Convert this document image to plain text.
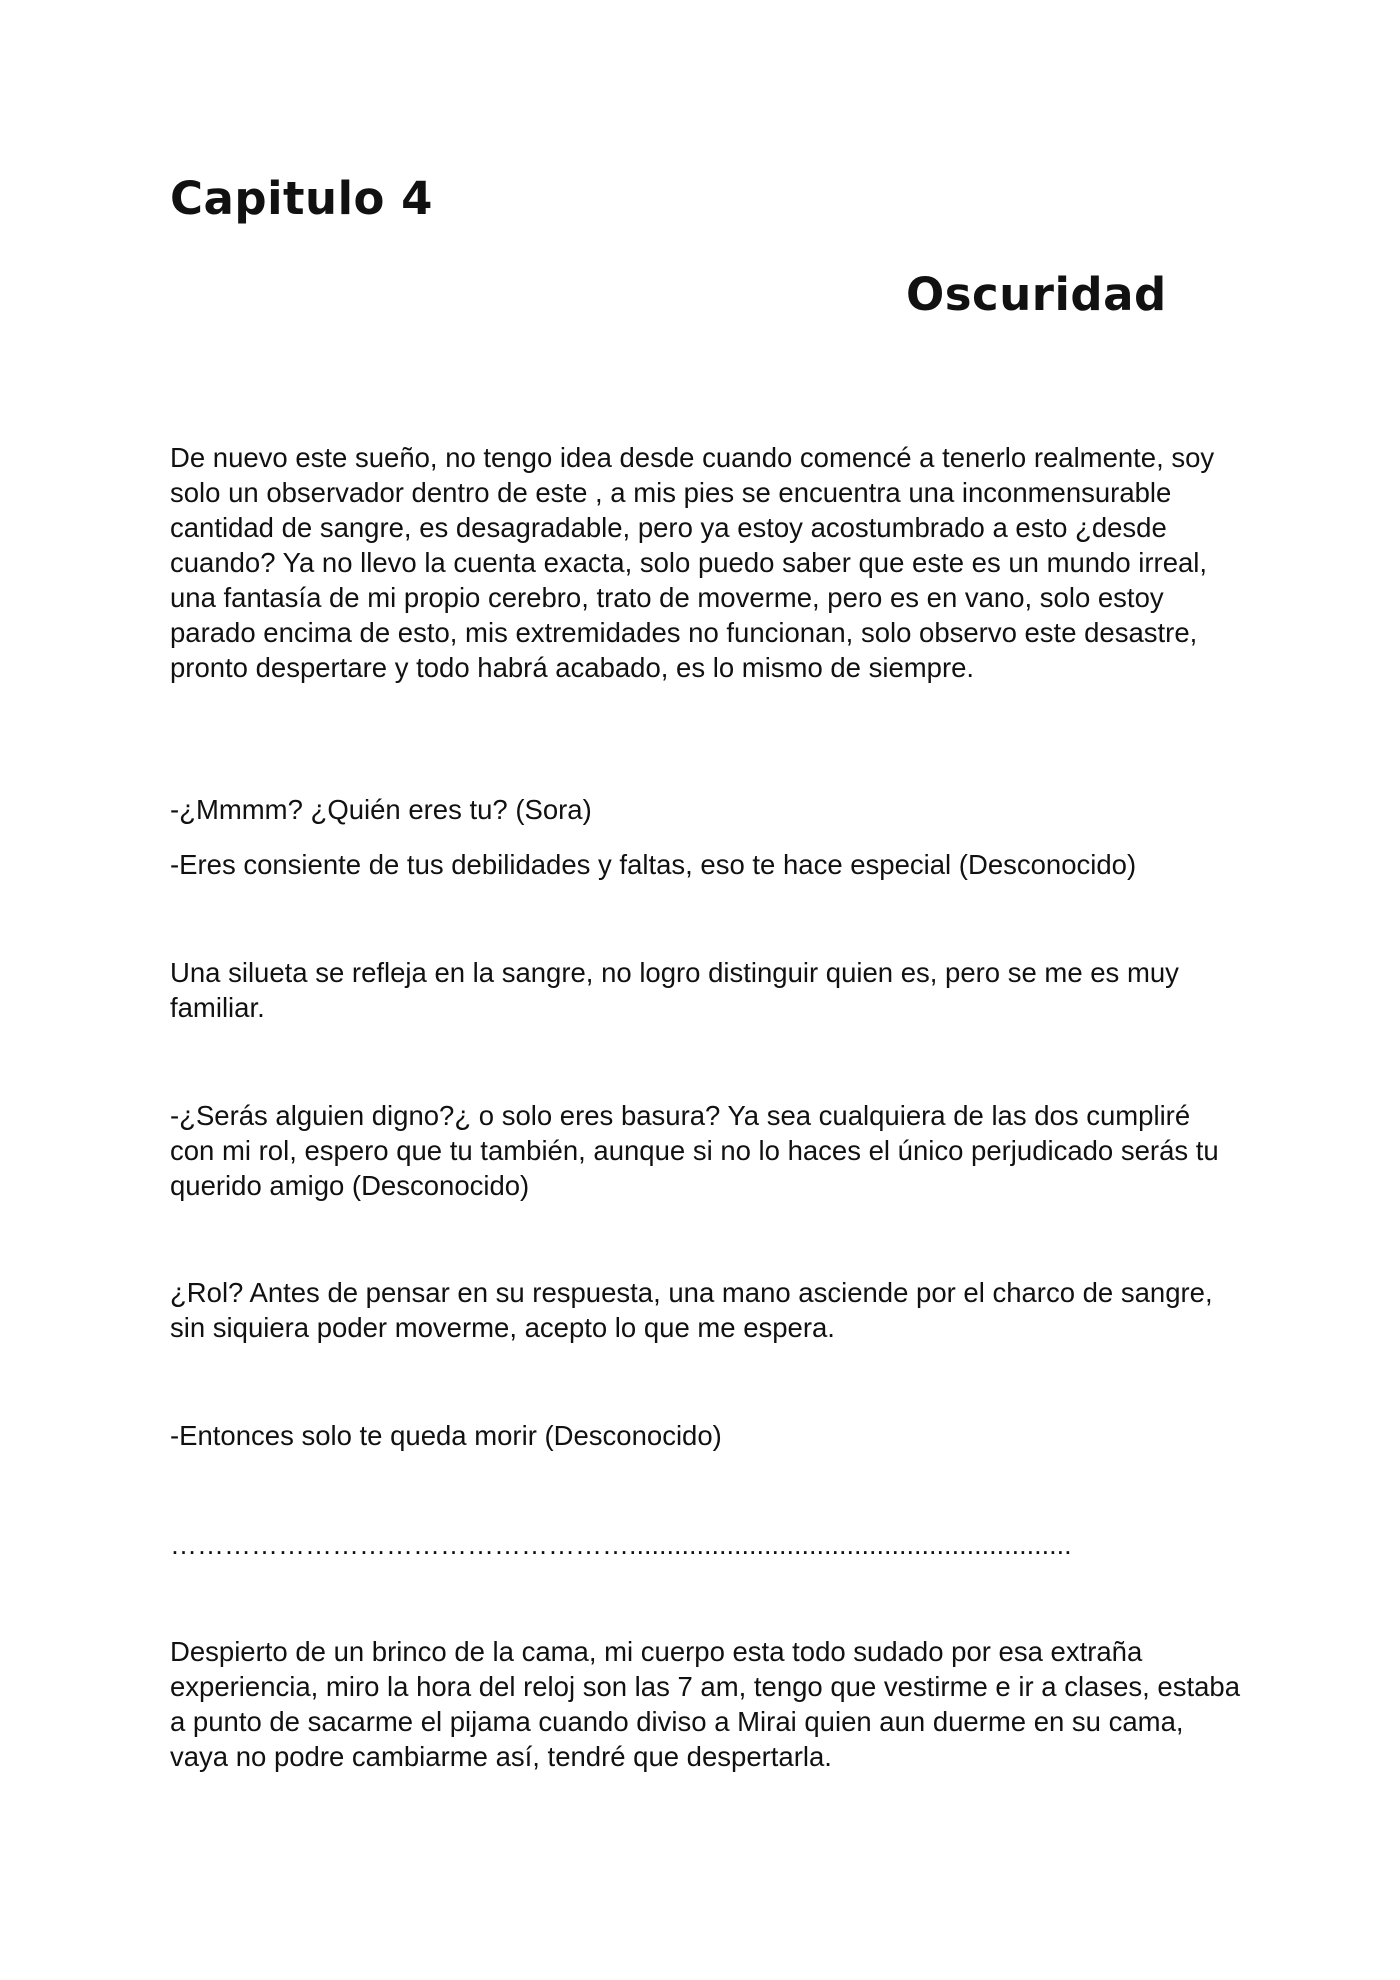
Capitulo 4
Oscuridad

De nuevo este sueño, no tengo idea desde cuando comencé a tenerlo realmente, soy solo un observador dentro de este , a mis pies se encuentra una inconmensurable cantidad de sangre, es desagradable, pero ya estoy acostumbrado a esto ¿desde cuando? Ya no llevo la cuenta exacta, solo puedo saber que este es un mundo irreal, una fantasía de mi propio cerebro, trato de moverme, pero es en vano, solo estoy parado encima de esto, mis extremidades no funcionan, solo observo este desastre, pronto despertare y todo habrá acabado, es lo mismo de siempre.

-¿Mmmm? ¿Quién eres tu? (Sora)

-Eres consiente de tus debilidades y faltas, eso te hace especial (Desconocido)

Una silueta se refleja en la sangre, no logro distinguir quien es, pero se me es muy familiar.

-¿Serás alguien digno?¿ o solo eres basura? Ya sea cualquiera de las dos cumpliré con mi rol, espero que tu también, aunque si no lo haces el único perjudicado serás tu querido amigo (Desconocido)

¿Rol? Antes de pensar en su respuesta, una mano asciende por el charco de sangre, sin siquiera poder moverme, acepto lo que me espera.

-Entonces solo te queda morir (Desconocido)

……………………………………………...........................................................

Despierto de un brinco de la cama, mi cuerpo esta todo sudado por esa extraña experiencia, miro la hora del reloj son las 7 am, tengo que vestirme e ir a clases, estaba a punto de sacarme el pijama cuando diviso a Mirai quien aun duerme en su cama, vaya no podre cambiarme así, tendré que despertarla.
